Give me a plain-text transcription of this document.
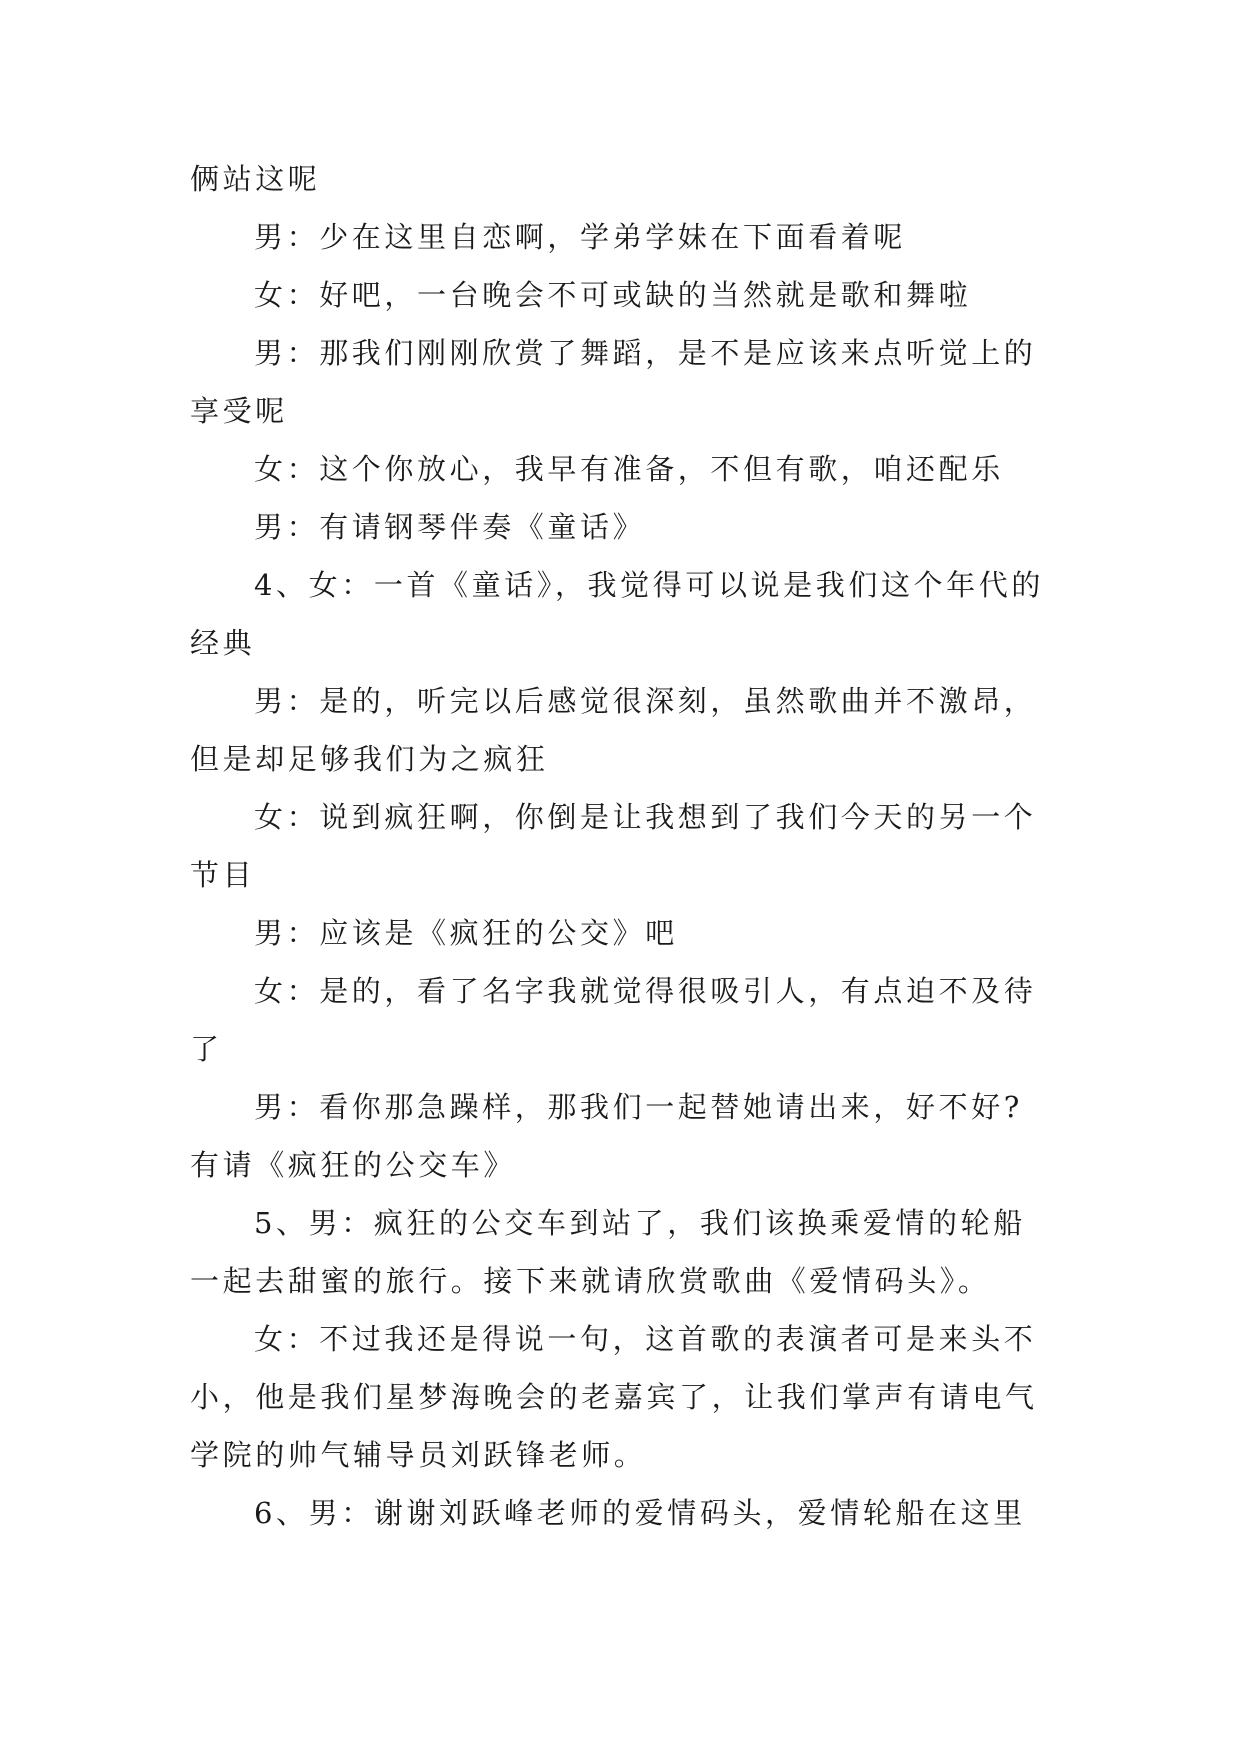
俩站这呢

男：少在这里自恋啊，学弟学妹在下面看着呢

女：好吧，一台晚会不可或缺的当然就是歌和舞啦

男：那我们刚刚欣赏了舞蹈，是不是应该来点听觉上的享受呢

女：这个你放心，我早有准备，不但有歌，咱还配乐

男：有请钢琴伴奏《童话》

4、女：一首《童话》，我觉得可以说是我们这个年代的经典

男：是的，听完以后感觉很深刻，虽然歌曲并不激昂，但是却足够我们为之疯狂

女：说到疯狂啊，你倒是让我想到了我们今天的另一个节目

男：应该是《疯狂的公交》吧

女：是的，看了名字我就觉得很吸引人，有点迫不及待了

男：看你那急躁样，那我们一起替她请出来，好不好?有请《疯狂的公交车》

5、男：疯狂的公交车到站了，我们该换乘爱情的轮船一起去甜蜜的旅行。接下来就请欣赏歌曲《爱情码头》。

女：不过我还是得说一句，这首歌的表演者可是来头不小，他是我们星梦海晚会的老嘉宾了，让我们掌声有请电气学院的帅气辅导员刘跃锋老师。

6、男：谢谢刘跃峰老师的爱情码头，爱情轮船在这里
